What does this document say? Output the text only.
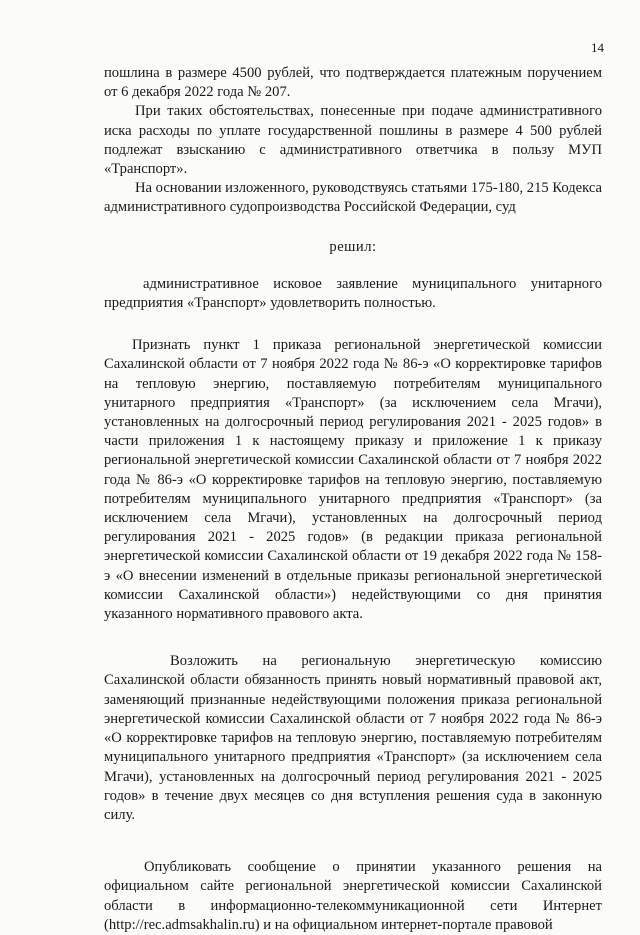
14

пошлина в размере 4500 рублей, что подтверждается платежным поручением от 6 декабря 2022 года № 207.

При таких обстоятельствах, понесенные при подаче административного иска расходы по уплате государственной пошлины в размере 4 500 рублей подлежат взысканию с административного ответчика в пользу МУП «Транспорт».

На основании изложенного, руководствуясь статьями 175-180, 215 Кодекса административного судопроизводства Российской Федерации, суд

решил:

административное исковое заявление муниципального унитарного предприятия «Транспорт» удовлетворить полностью.

Признать пункт 1 приказа региональной энергетической комиссии Сахалинской области от 7 ноября 2022 года № 86-э «О корректировке тарифов на тепловую энергию, поставляемую потребителям муниципального унитарного предприятия «Транспорт» (за исключением села Мгачи), установленных на долгосрочный период регулирования 2021 - 2025 годов» в части приложения 1 к настоящему приказу и приложение 1 к приказу региональной энергетической комиссии Сахалинской области от 7 ноября 2022 года № 86-э «О корректировке тарифов на тепловую энергию, поставляемую потребителям муниципального унитарного предприятия «Транспорт» (за исключением села Мгачи), установленных на долгосрочный период регулирования 2021 - 2025 годов» (в редакции приказа региональной энергетической комиссии Сахалинской области от 19 декабря 2022 года № 158-э «О внесении изменений в отдельные приказы региональной энергетической комиссии Сахалинской области») недействующими со дня принятия указанного нормативного правового акта.

Возложить на региональную энергетическую комиссию Сахалинской области обязанность принять новый нормативный правовой акт, заменяющий признанные недействующими положения приказа региональной энергетической комиссии Сахалинской области от 7 ноября 2022 года № 86-э «О корректировке тарифов на тепловую энергию, поставляемую потребителям муниципального унитарного предприятия «Транспорт» (за исключением села Мгачи), установленных на долгосрочный период регулирования 2021 - 2025 годов» в течение двух месяцев со дня вступления решения суда в законную силу.

Опубликовать сообщение о принятии указанного решения на официальном сайте региональной энергетической комиссии Сахалинской области в информационно-телекоммуникационной сети Интернет (http://rec.admsakhalin.ru) и на официальном интернет-портале правовой
